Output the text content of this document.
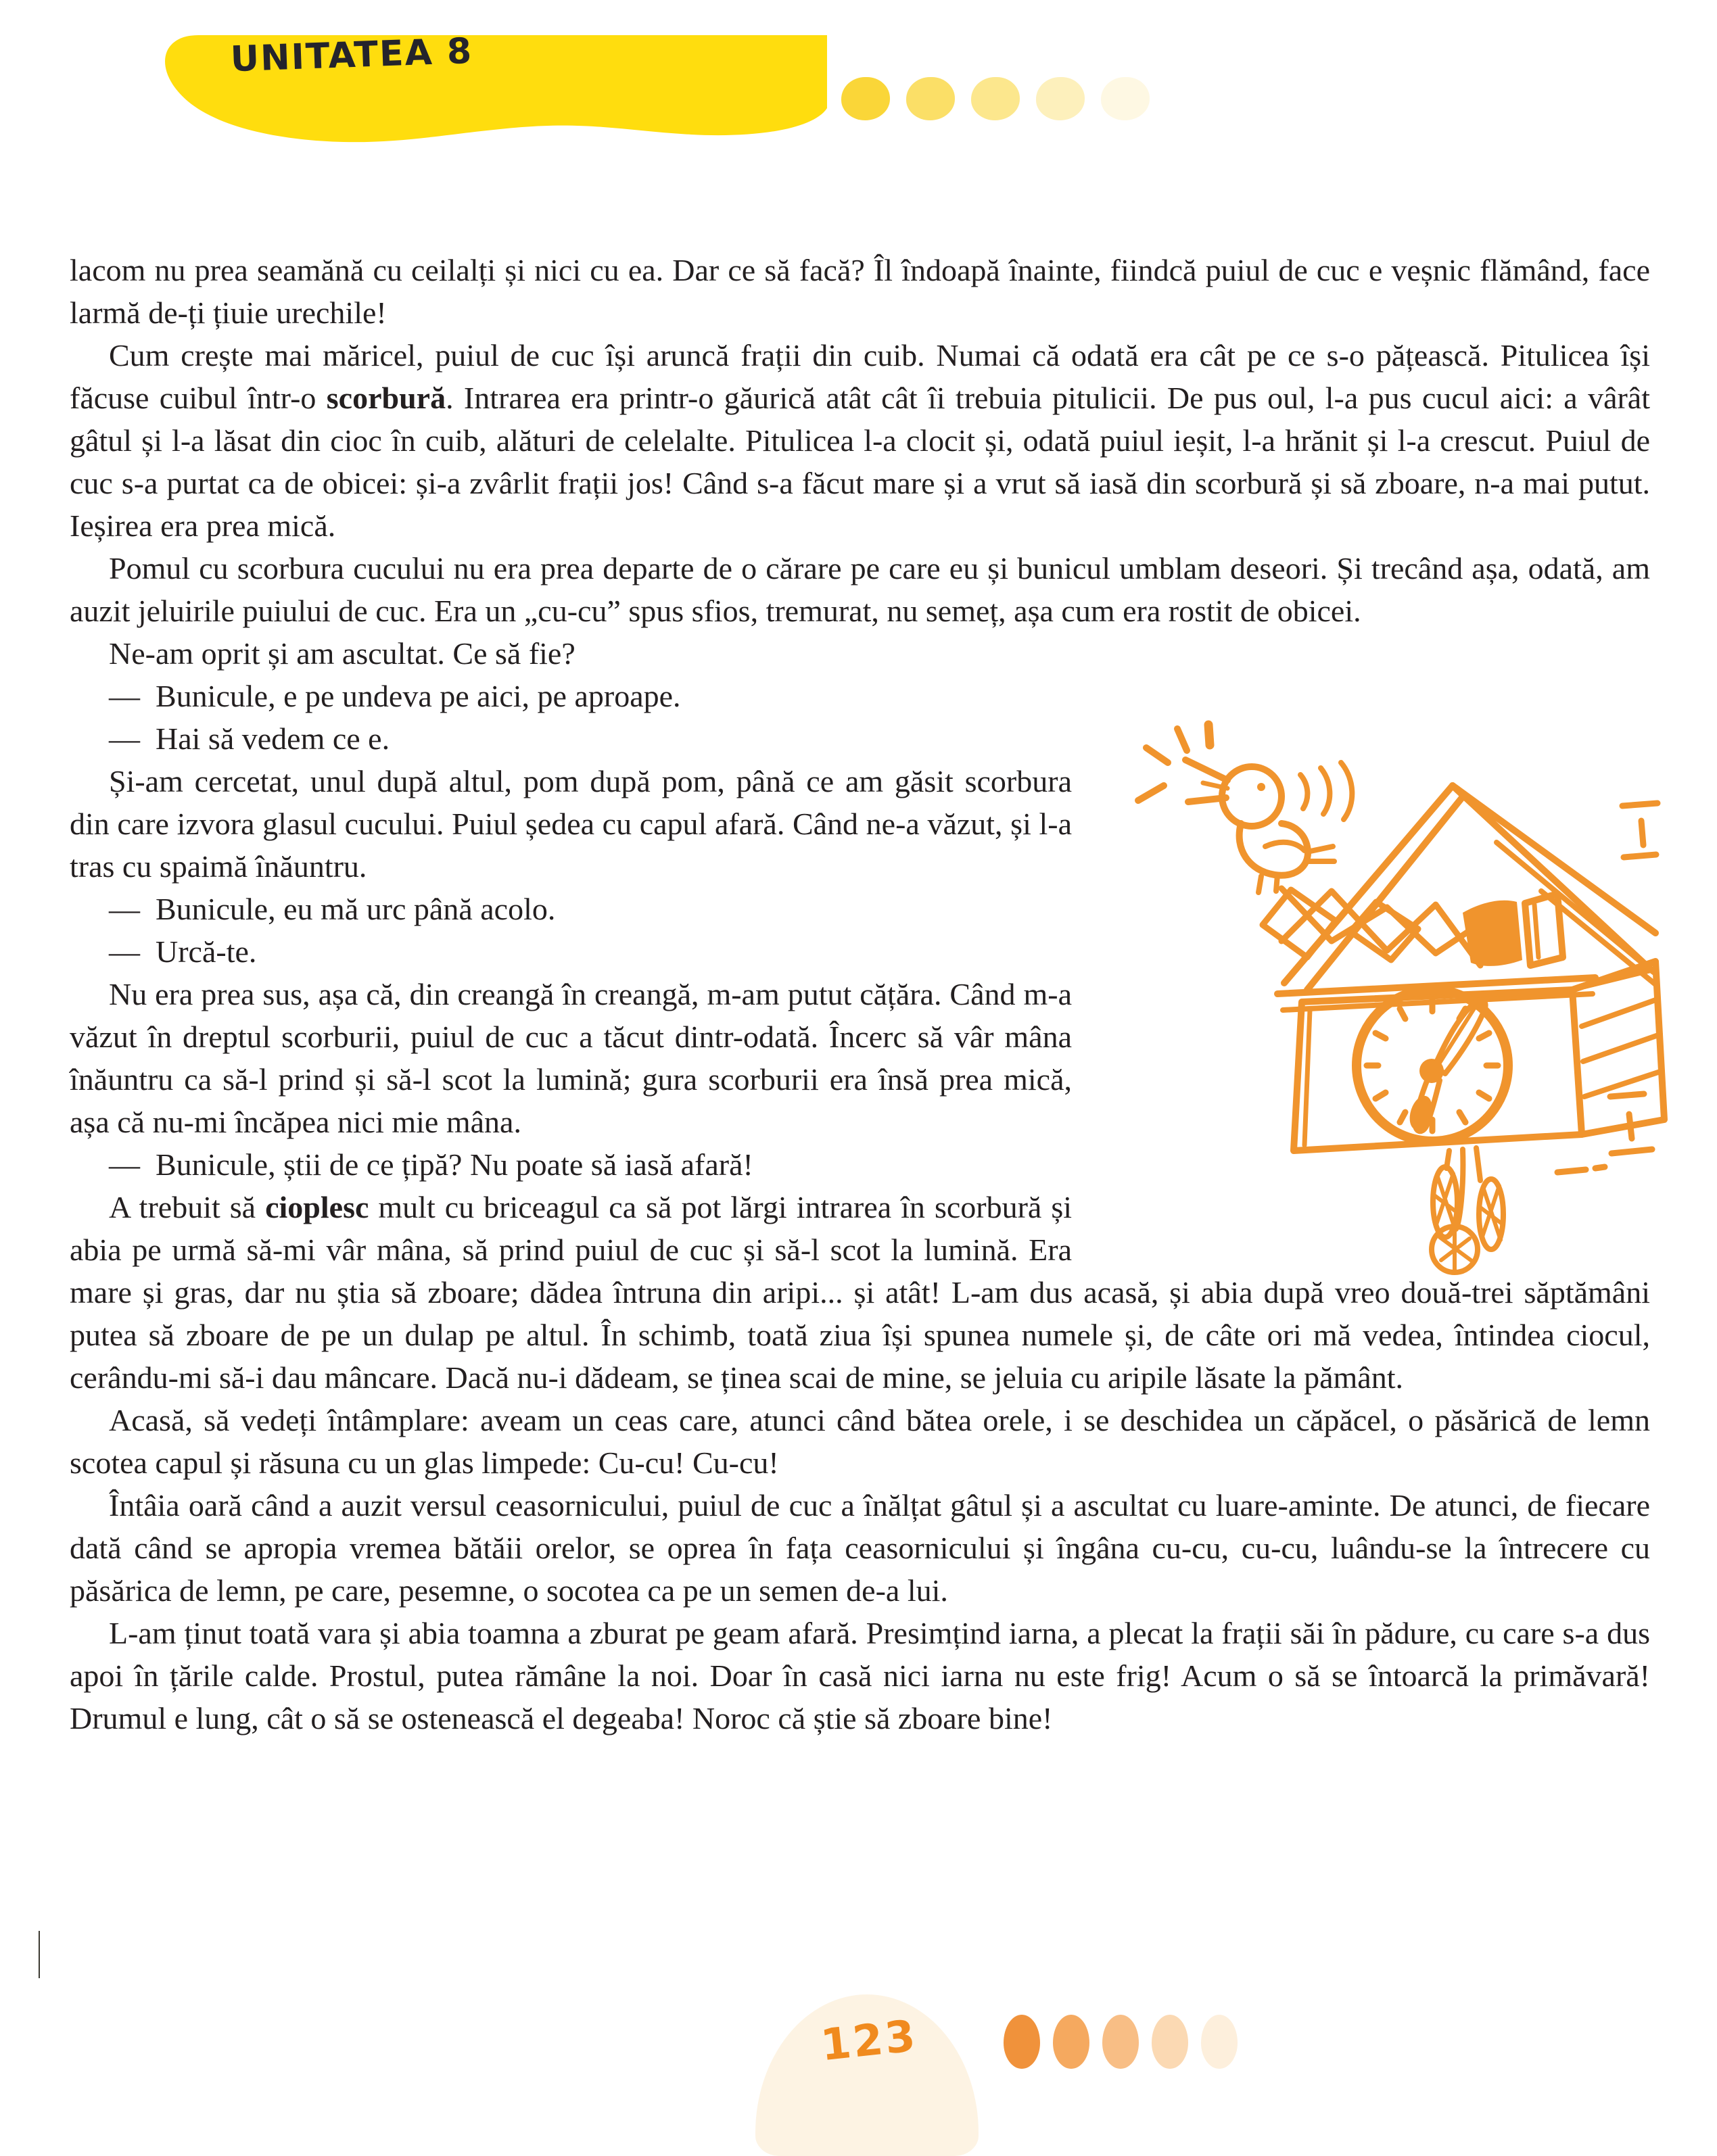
UNITATEA 8

lacom nu prea seamănă cu ceilalți și nici cu ea. Dar ce să facă? Îl îndoapă înainte, fiindcă puiul de cuc e veșnic flămând, face larmă de-ți țiuie urechile!

Cum crește mai măricel, puiul de cuc își aruncă frații din cuib. Numai că odată era cât pe ce s-o pățească. Pitulicea își făcuse cuibul într-o scorbură. Intrarea era printr-o găurică atât cât îi trebuia pitulicii. De pus oul, l-a pus cucul aici: a vârât gâtul și l-a lăsat din cioc în cuib, alături de celelalte. Pitulicea l-a clocit și, odată puiul ieșit, l-a hrănit și l-a crescut. Puiul de cuc s-a purtat ca de obicei: și-a zvârlit frații jos! Când s-a făcut mare și a vrut să iasă din scorbură și să zboare, n-a mai putut. Ieșirea era prea mică.

Pomul cu scorbura cucului nu era prea departe de o cărare pe care eu și bunicul umblam deseori. Și trecând așa, odată, am auzit jeluirile puiului de cuc. Era un „cu-cu” spus sfios, tremurat, nu semeț, așa cum era rostit de obicei.

Ne-am oprit și am ascultat. Ce să fie?

— Bunicule, e pe undeva pe aici, pe aproape.

— Hai să vedem ce e.

Și-am cercetat, unul după altul, pom după pom, până ce am găsit scorbura din care izvora glasul cucului. Puiul ședea cu capul afară. Când ne-a văzut, și l-a tras cu spaimă înăuntru.

— Bunicule, eu mă urc până acolo.

— Urcă-te.

Nu era prea sus, așa că, din creangă în creangă, m-am putut cățăra. Când m-a văzut în dreptul scorburii, puiul de cuc a tăcut dintr-odată. Încerc să vâr mâna înăuntru ca să-l prind și să-l scot la lumină; gura scorburii era însă prea mică, așa că nu-mi încăpea nici mie mâna.

— Bunicule, știi de ce țipă? Nu poate să iasă afară!

A trebuit să cioplesc mult cu briceagul ca să pot lărgi intrarea în scorbură și abia pe urmă să-mi vâr mâna, să prind puiul de cuc și să-l scot la lumină. Era mare și gras, dar nu știa să zboare; dădea întruna din aripi... și atât! L-am dus acasă, și abia după vreo două-trei săptămâni putea să zboare de pe un dulap pe altul. În schimb, toată ziua își spunea numele și, de câte ori mă vedea, întindea ciocul, cerându-mi să-i dau mâncare. Dacă nu-i dădeam, se ținea scai de mine, se jeluia cu aripile lăsate la pământ.

Acasă, să vedeți întâmplare: aveam un ceas care, atunci când bătea orele, i se deschidea un căpăcel, o păsărică de lemn scotea capul și răsuna cu un glas limpede: Cu-cu! Cu-cu!

Întâia oară când a auzit versul ceasornicului, puiul de cuc a înălțat gâtul și a ascultat cu luare-aminte. De atunci, de fiecare dată când se apropia vremea bătăii orelor, se oprea în fața ceasornicului și îngâna cu-cu, cu-cu, luându-se la întrecere cu păsărica de lemn, pe care, pesemne, o socotea ca pe un semen de-a lui.

L-am ținut toată vara și abia toamna a zburat pe geam afară. Presimțind iarna, a plecat la frații săi în pădure, cu care s-a dus apoi în țările calde. Prostul, putea rămâne la noi. Doar în casă nici iarna nu este frig! Acum o să se întoarcă la primăvară! Drumul e lung, cât o să se ostenească el degeaba! Noroc că știe să zboare bine!

123
